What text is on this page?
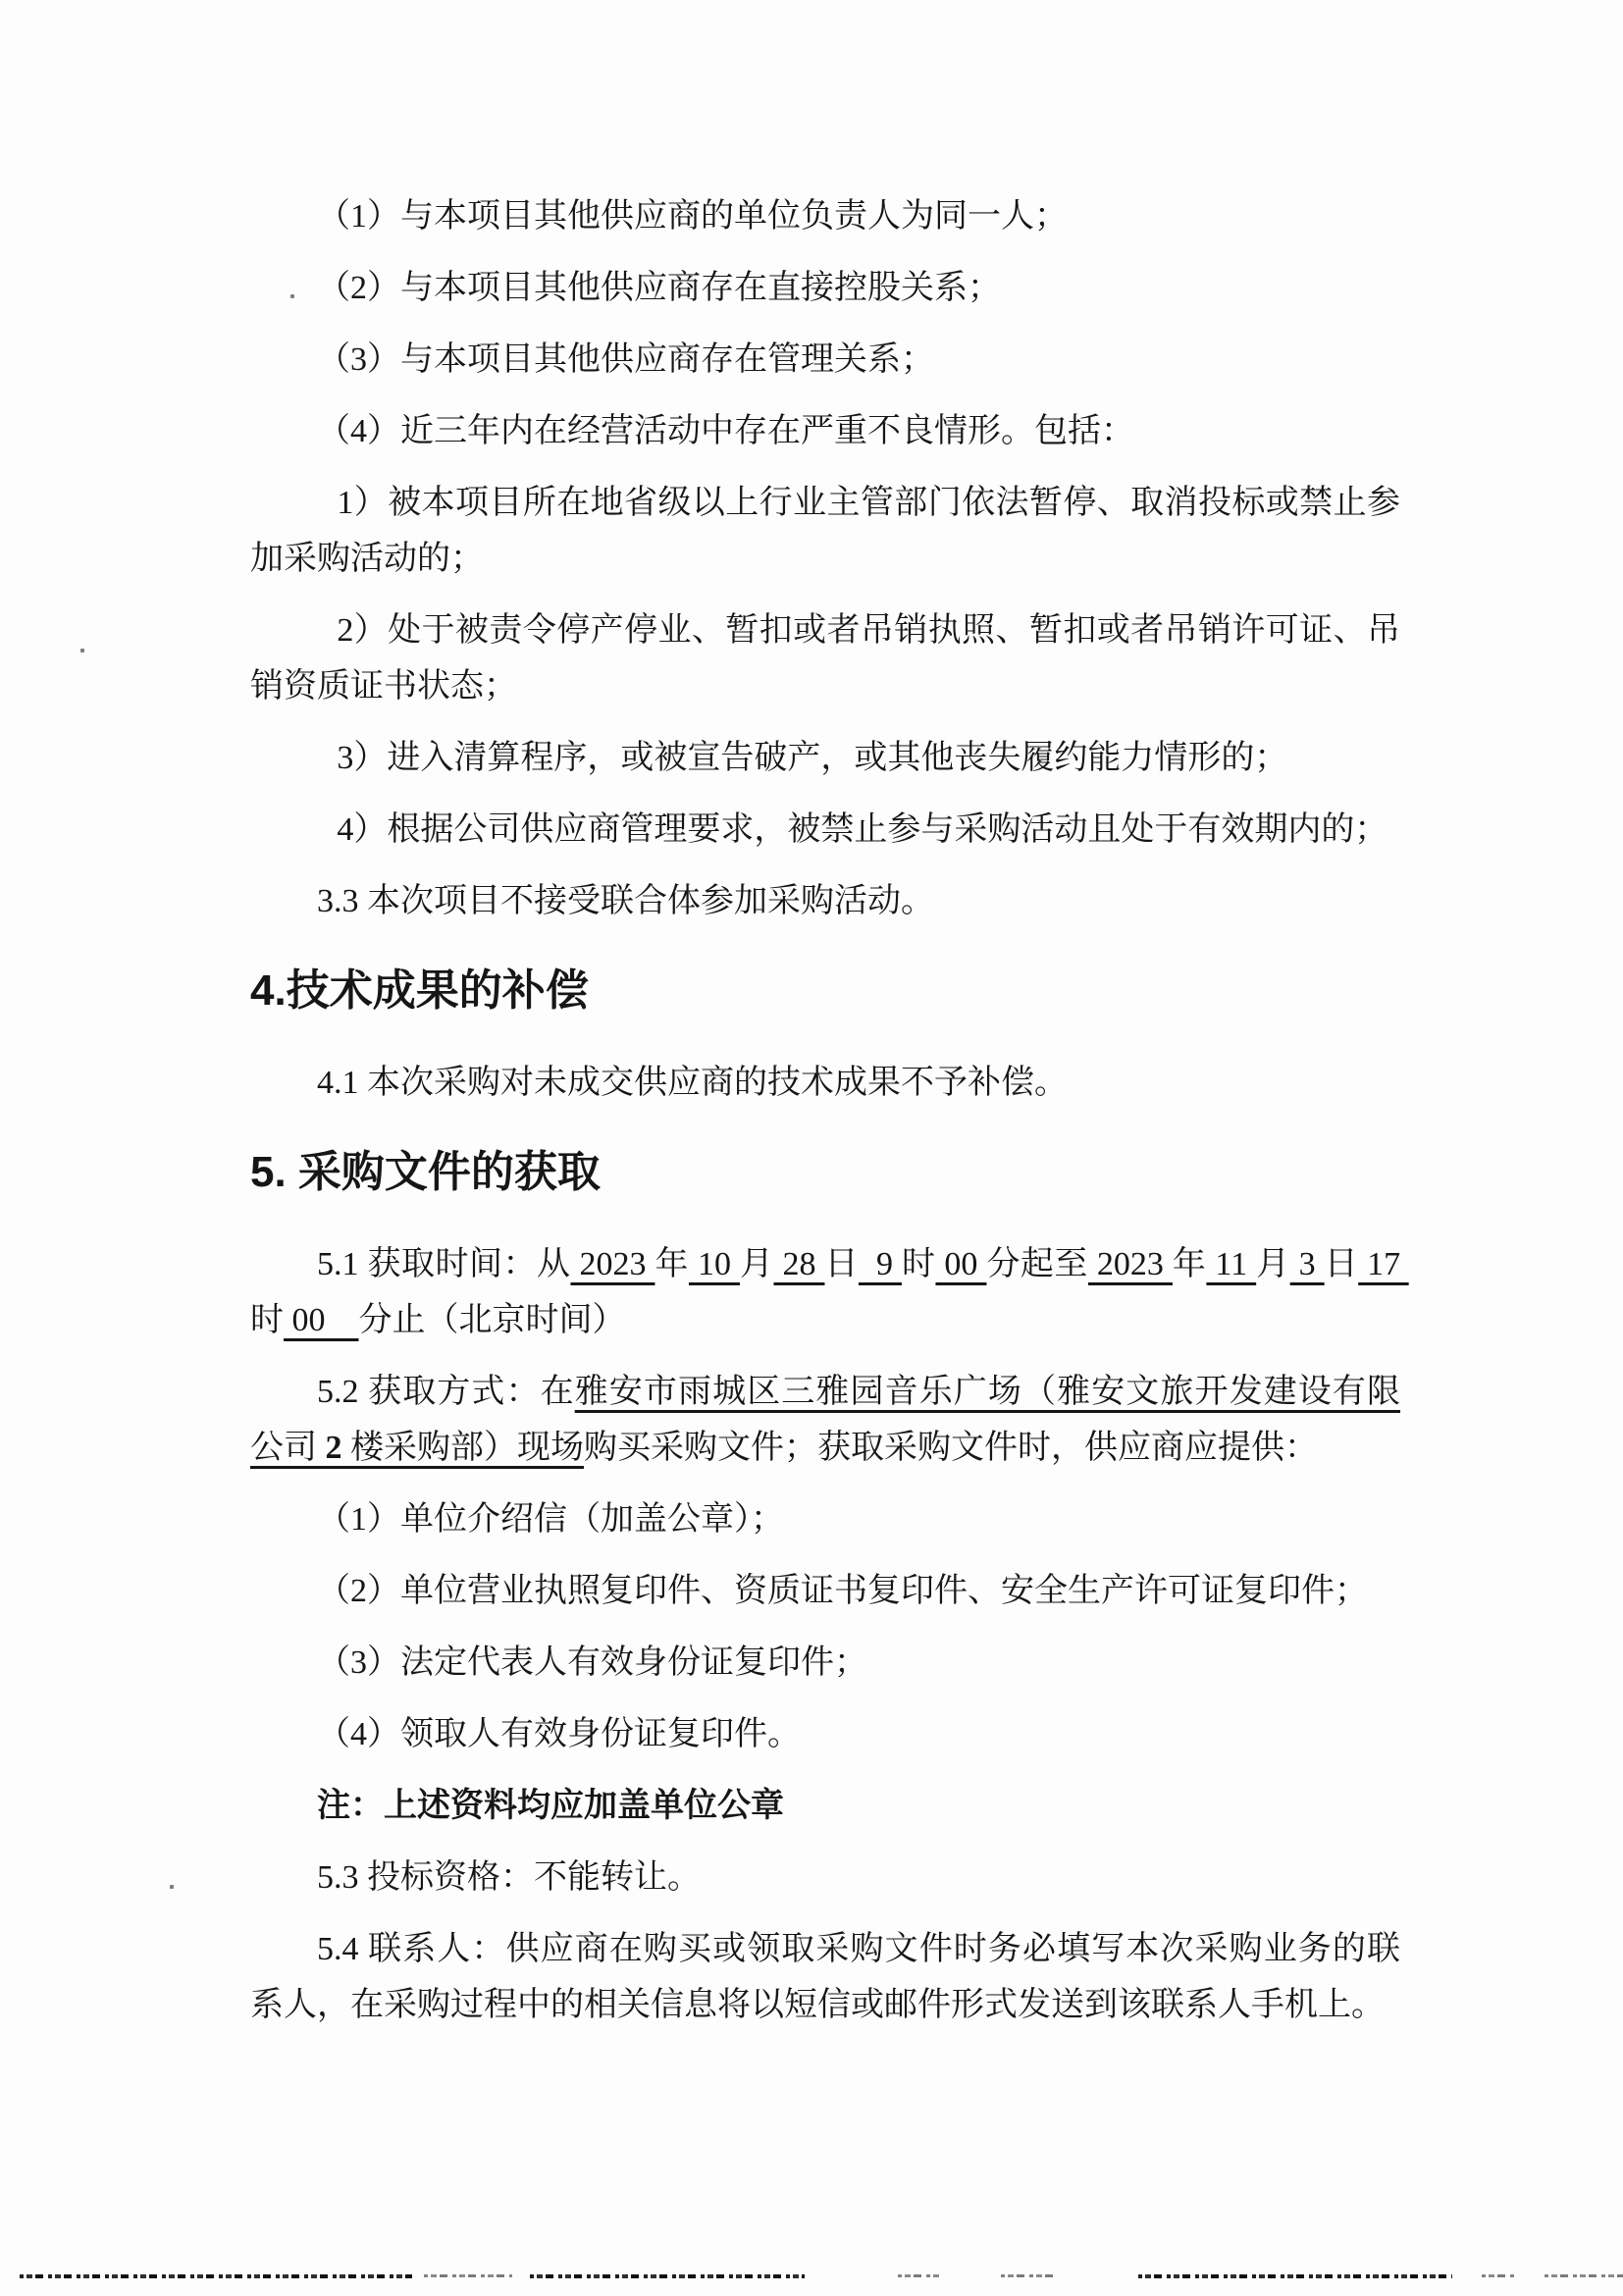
（1）与本项目其他供应商的单位负责人为同一人；

（2）与本项目其他供应商存在直接控股关系；

（3）与本项目其他供应商存在管理关系；

（4）近三年内在经营活动中存在严重不良情形。包括：

1）被本项目所在地省级以上行业主管部门依法暂停、取消投标或禁止参加采购活动的；

2）处于被责令停产停业、暂扣或者吊销执照、暂扣或者吊销许可证、吊销资质证书状态；

3）进入清算程序，或被宣告破产，或其他丧失履约能力情形的；

4）根据公司供应商管理要求，被禁止参与采购活动且处于有效期内的；

3.3 本次项目不接受联合体参加采购活动。

4.技术成果的补偿

4.1 本次采购对未成交供应商的技术成果不予补偿。

5. 采购文件的获取

5.1 获取时间：从 2023 年 10 月 28 日  9 时 00 分起至 2023 年 11 月 3 日 17 时 00    分止（北京时间）

5.2 获取方式：在雅安市雨城区三雅园音乐广场（雅安文旅开发建设有限公司 2 楼采购部）现场购买采购文件；获取采购文件时，供应商应提供：

（1）单位介绍信（加盖公章）；

（2）单位营业执照复印件、资质证书复印件、安全生产许可证复印件；

（3）法定代表人有效身份证复印件；

（4）领取人有效身份证复印件。

注：上述资料均应加盖单位公章

5.3 投标资格：不能转让。

5.4 联系人：供应商在购买或领取采购文件时务必填写本次采购业务的联系人，在采购过程中的相关信息将以短信或邮件形式发送到该联系人手机上。
